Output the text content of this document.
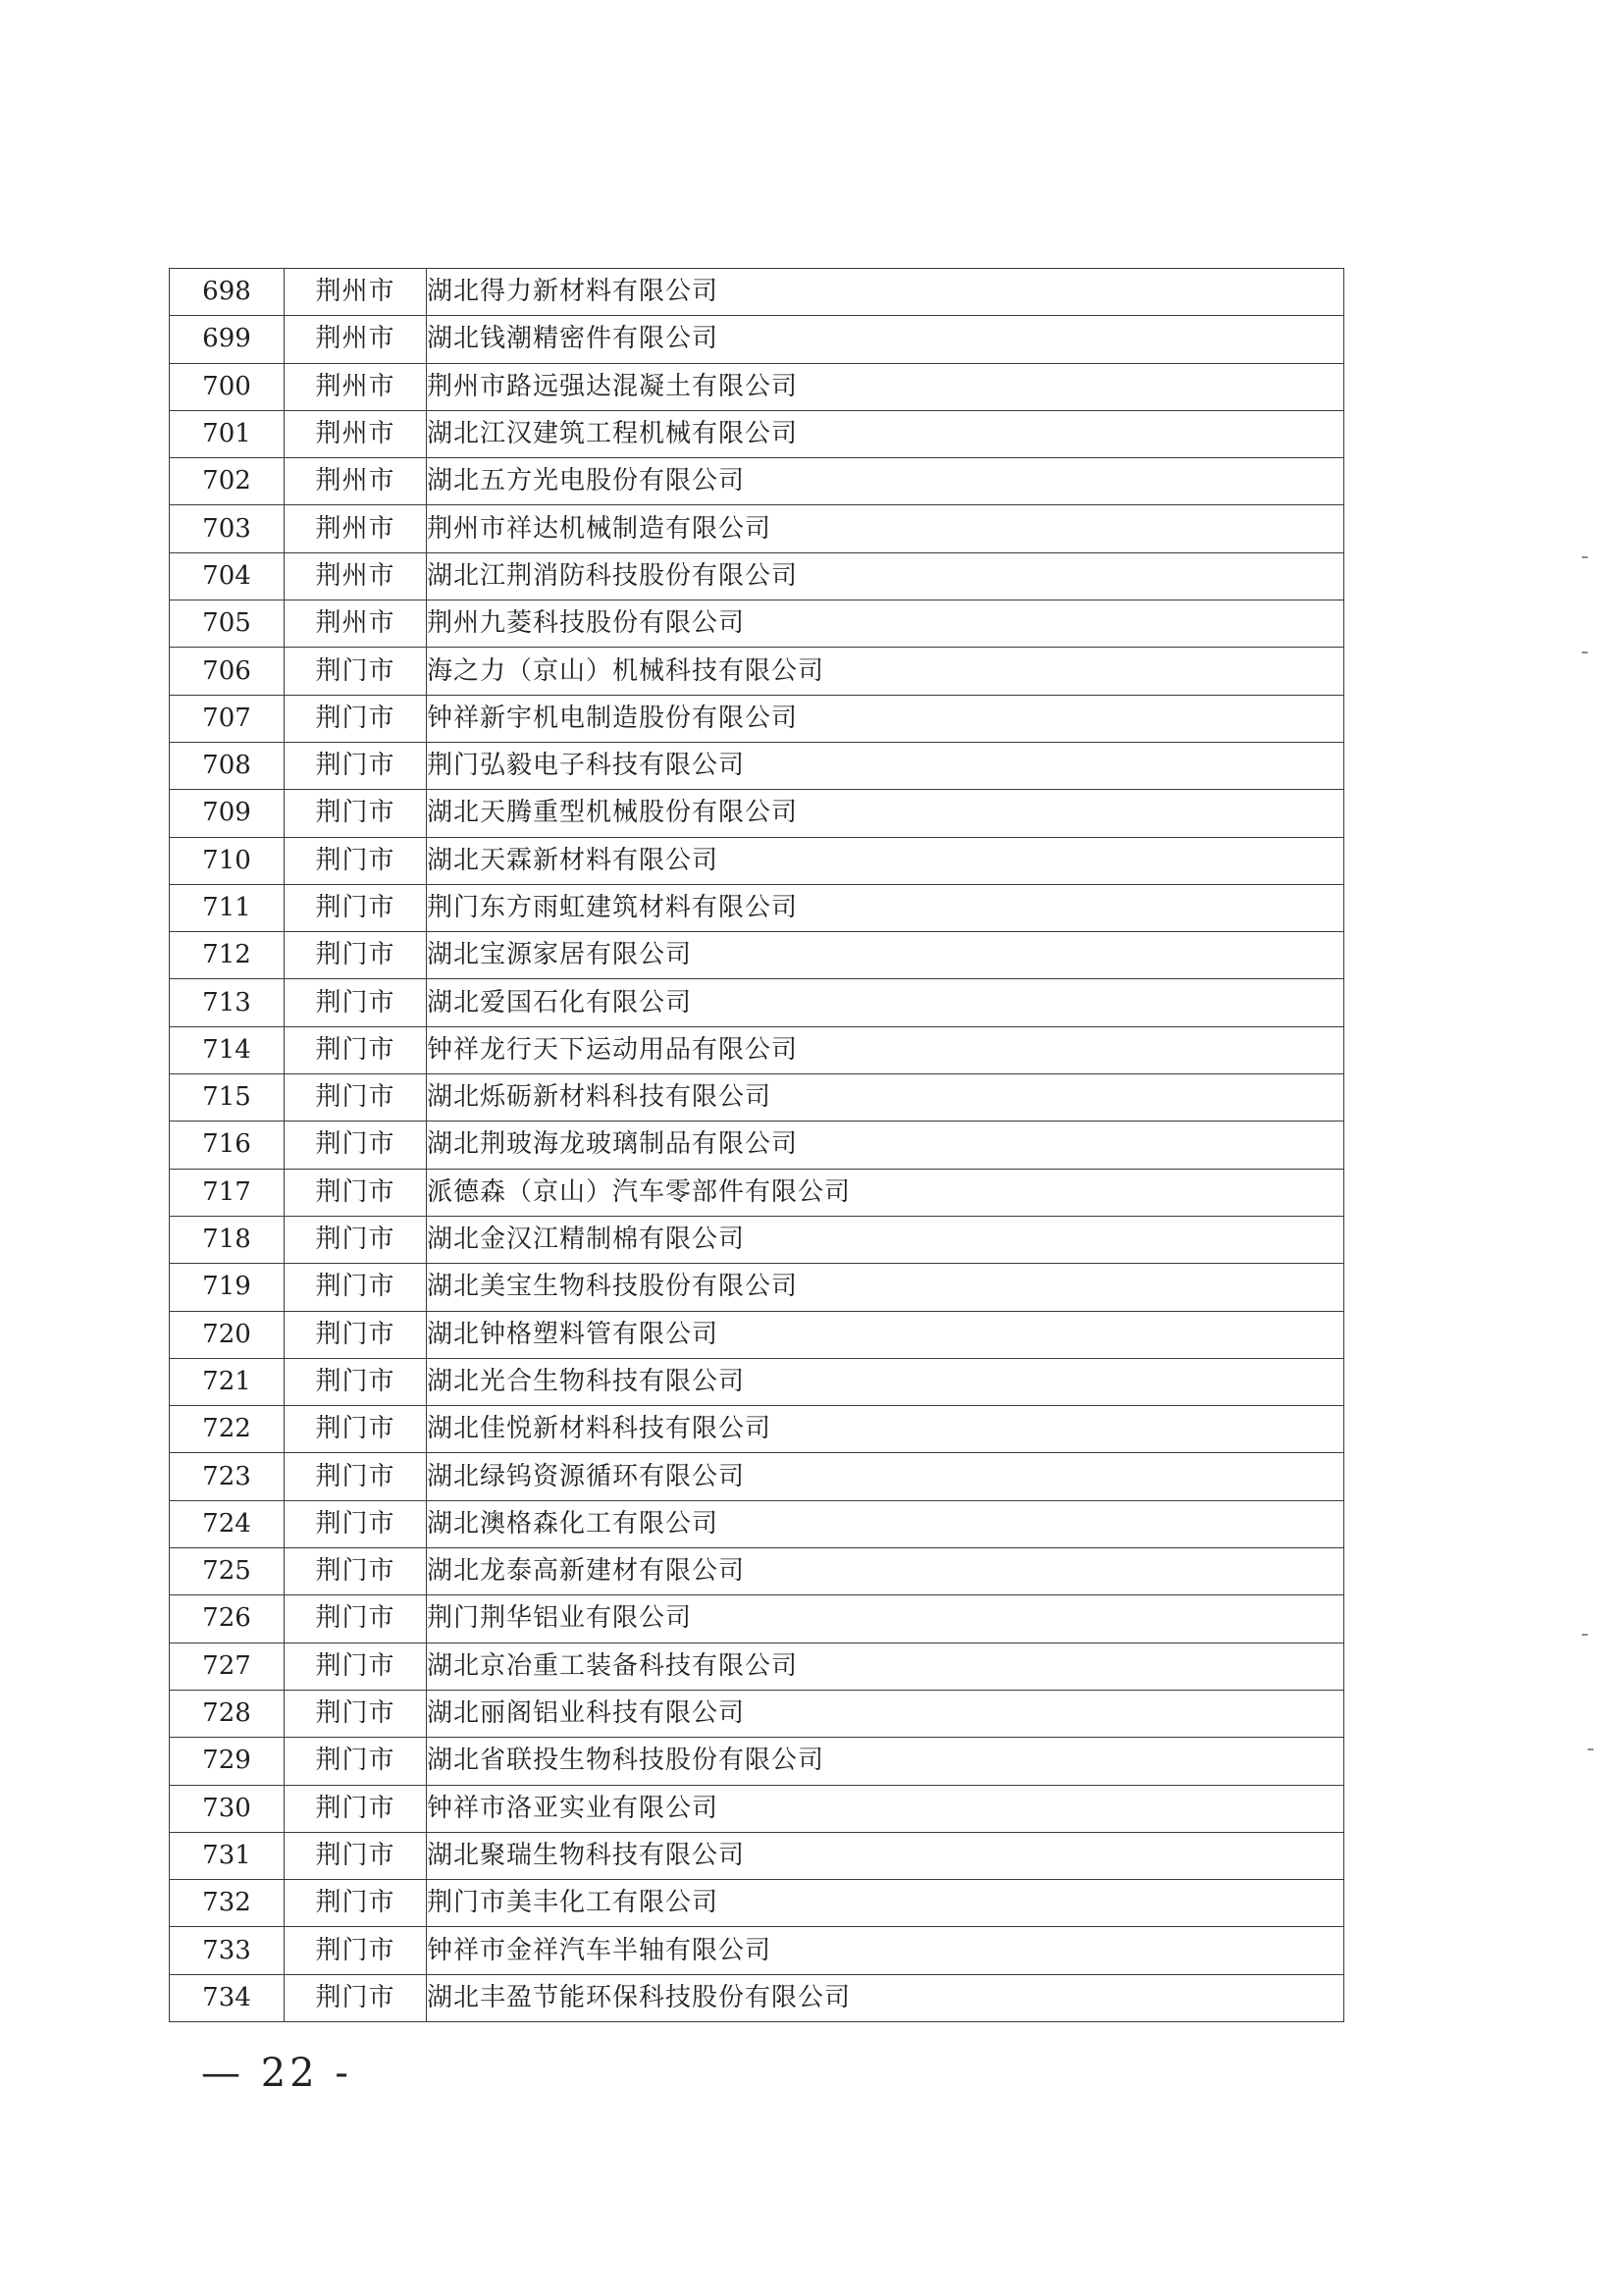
698	荆州市	湖北得力新材料有限公司
699	荆州市	湖北钱潮精密件有限公司
700	荆州市	荆州市路远强达混凝土有限公司
701	荆州市	湖北江汉建筑工程机械有限公司
702	荆州市	湖北五方光电股份有限公司
703	荆州市	荆州市祥达机械制造有限公司
704	荆州市	湖北江荆消防科技股份有限公司
705	荆州市	荆州九菱科技股份有限公司
706	荆门市	海之力（京山）机械科技有限公司
707	荆门市	钟祥新宇机电制造股份有限公司
708	荆门市	荆门弘毅电子科技有限公司
709	荆门市	湖北天腾重型机械股份有限公司
710	荆门市	湖北天霖新材料有限公司
711	荆门市	荆门东方雨虹建筑材料有限公司
712	荆门市	湖北宝源家居有限公司
713	荆门市	湖北爱国石化有限公司
714	荆门市	钟祥龙行天下运动用品有限公司
715	荆门市	湖北烁砺新材料科技有限公司
716	荆门市	湖北荆玻海龙玻璃制品有限公司
717	荆门市	派德森（京山）汽车零部件有限公司
718	荆门市	湖北金汉江精制棉有限公司
719	荆门市	湖北美宝生物科技股份有限公司
720	荆门市	湖北钟格塑料管有限公司
721	荆门市	湖北光合生物科技有限公司
722	荆门市	湖北佳悦新材料科技有限公司
723	荆门市	湖北绿钨资源循环有限公司
724	荆门市	湖北澳格森化工有限公司
725	荆门市	湖北龙泰高新建材有限公司
726	荆门市	荆门荆华铝业有限公司
727	荆门市	湖北京冶重工装备科技有限公司
728	荆门市	湖北丽阁铝业科技有限公司
729	荆门市	湖北省联投生物科技股份有限公司
730	荆门市	钟祥市洛亚实业有限公司
731	荆门市	湖北聚瑞生物科技有限公司
732	荆门市	荆门市美丰化工有限公司
733	荆门市	钟祥市金祥汽车半轴有限公司
734	荆门市	湖北丰盈节能环保科技股份有限公司
— 22 -
